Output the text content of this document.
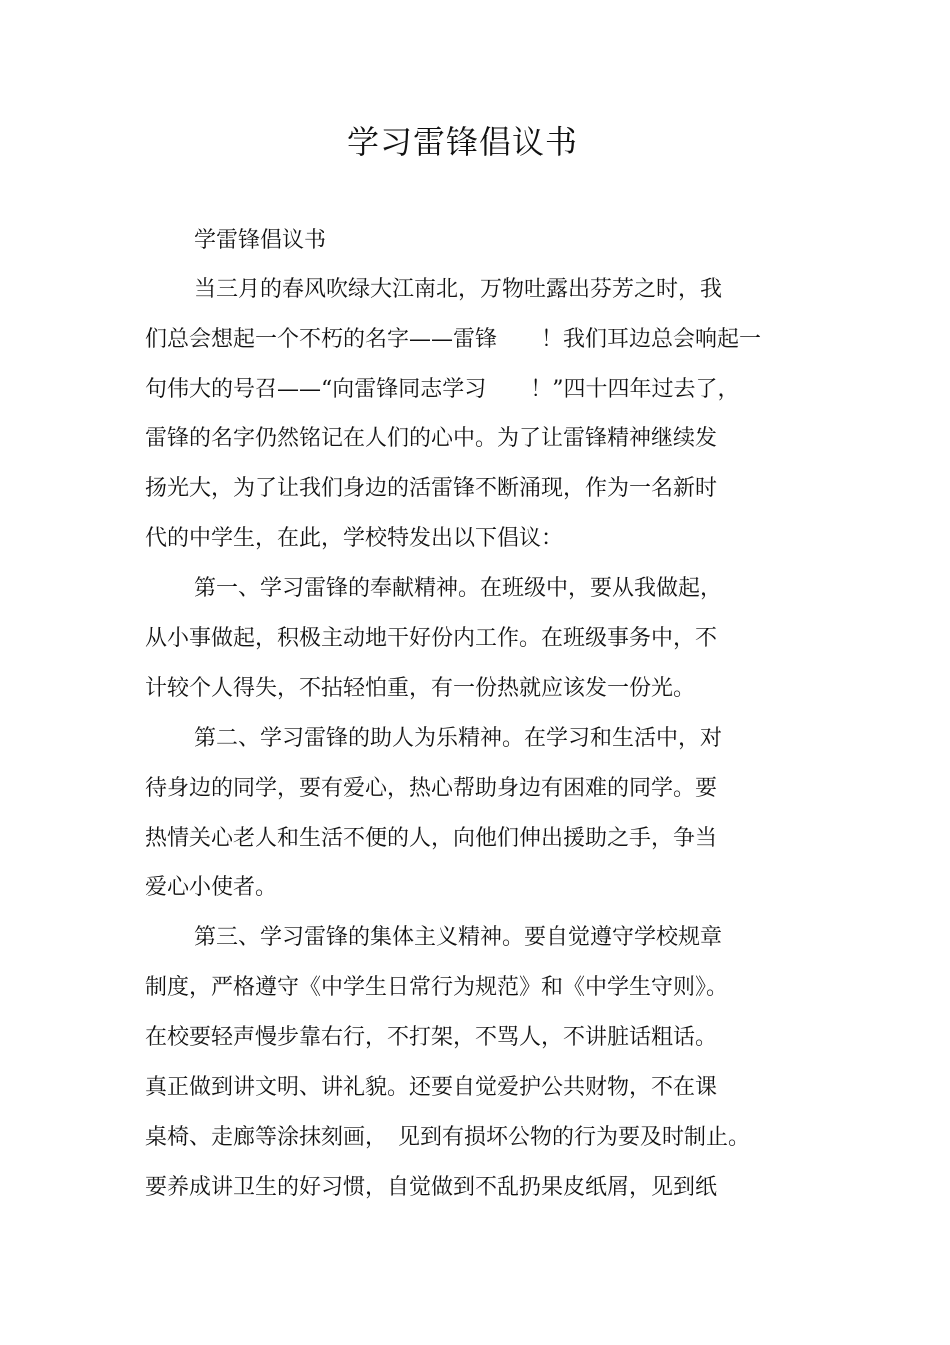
学习雷锋倡议书
学雷锋倡议书
当三月的春风吹绿大江南北，万物吐露出芬芳之时，我
们总会想起一个不朽的名字——雷锋　　！我们耳边总会响起一
句伟大的号召——“向雷锋同志学习　　！”四十四年过去了，
雷锋的名字仍然铭记在人们的心中。为了让雷锋精神继续发
扬光大，为了让我们身边的活雷锋不断涌现，作为一名新时
代的中学生，在此，学校特发出以下倡议：
第一、学习雷锋的奉献精神。在班级中，要从我做起，
从小事做起，积极主动地干好份内工作。在班级事务中，不
计较个人得失，不拈轻怕重，有一份热就应该发一份光。
第二、学习雷锋的助人为乐精神。在学习和生活中，对
待身边的同学，要有爱心，热心帮助身边有困难的同学。要
热情关心老人和生活不便的人，向他们伸出援助之手，争当
爱心小使者。
第三、学习雷锋的集体主义精神。要自觉遵守学校规章
制度，严格遵守《中学生日常行为规范》和《中学生守则》。
在校要轻声慢步靠右行，不打架，不骂人，不讲脏话粗话。
真正做到讲文明、讲礼貌。还要自觉爱护公共财物，不在课
桌椅、走廊等涂抹刻画，　见到有损坏公物的行为要及时制止。
要养成讲卫生的好习惯，自觉做到不乱扔果皮纸屑，见到纸
